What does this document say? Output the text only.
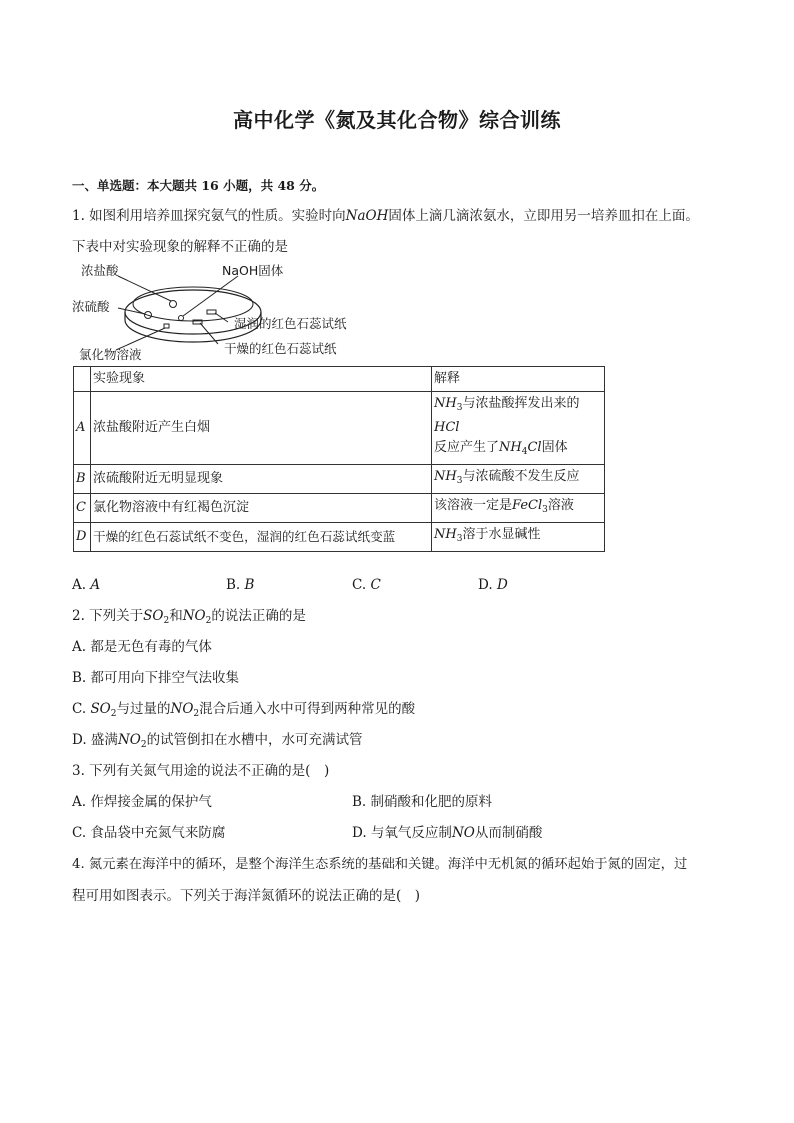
高中化学《氮及其化合物》综合训练
一、单选题：本大题共 16 小题，共 48 分。
1. 如图利用培养皿探究氨气的性质。实验时向NaOH固体上滴几滴浓氨水，立即用另一培养皿扣在上面。
下表中对实验现象的解释不正确的是
浓盐酸	NaOH固体
浓硫酸
湿润的红色石蕊试纸
干燥的红色石蕊试纸
氯化物溶液
	实验现象	解释
A	浓盐酸附近产生白烟	$NH_3$与浓盐酸挥发出来的HCl
反应产生了$NH_4Cl$固体

B	浓硫酸附近无明显现象	$NH_3$与浓硫酸不发生反应
C	氯化物溶液中有红褐色沉淀	该溶液一定是FeCl$_3$溶液
D	干燥的红色石蕊试纸不变色，湿润的红色石蕊试纸变蓝	$NH_3$溶于水显碱性
A. A	B. B	C. C	D. D
2. 下列关于$SO_2$和$NO_2$的说法正确的是
A. 都是无色有毒的气体
B. 都可用向下排空气法收集
C. $SO_2$与过量的$NO_2$混合后通入水中可得到两种常见的酸
D. 盛满$NO_2$的试管倒扣在水槽中，水可充满试管
3. 下列有关氮气用途的说法不正确的是(　)
A. 作焊接金属的保护气	B. 制硝酸和化肥的原料
C. 食品袋中充氮气来防腐	D. 与氧气反应制NO从而制硝酸
4. 氮元素在海洋中的循环，是整个海洋生态系统的基础和关键。海洋中无机氮的循环起始于氮的固定，过
程可用如图表示。下列关于海洋氮循环的说法正确的是(　)
